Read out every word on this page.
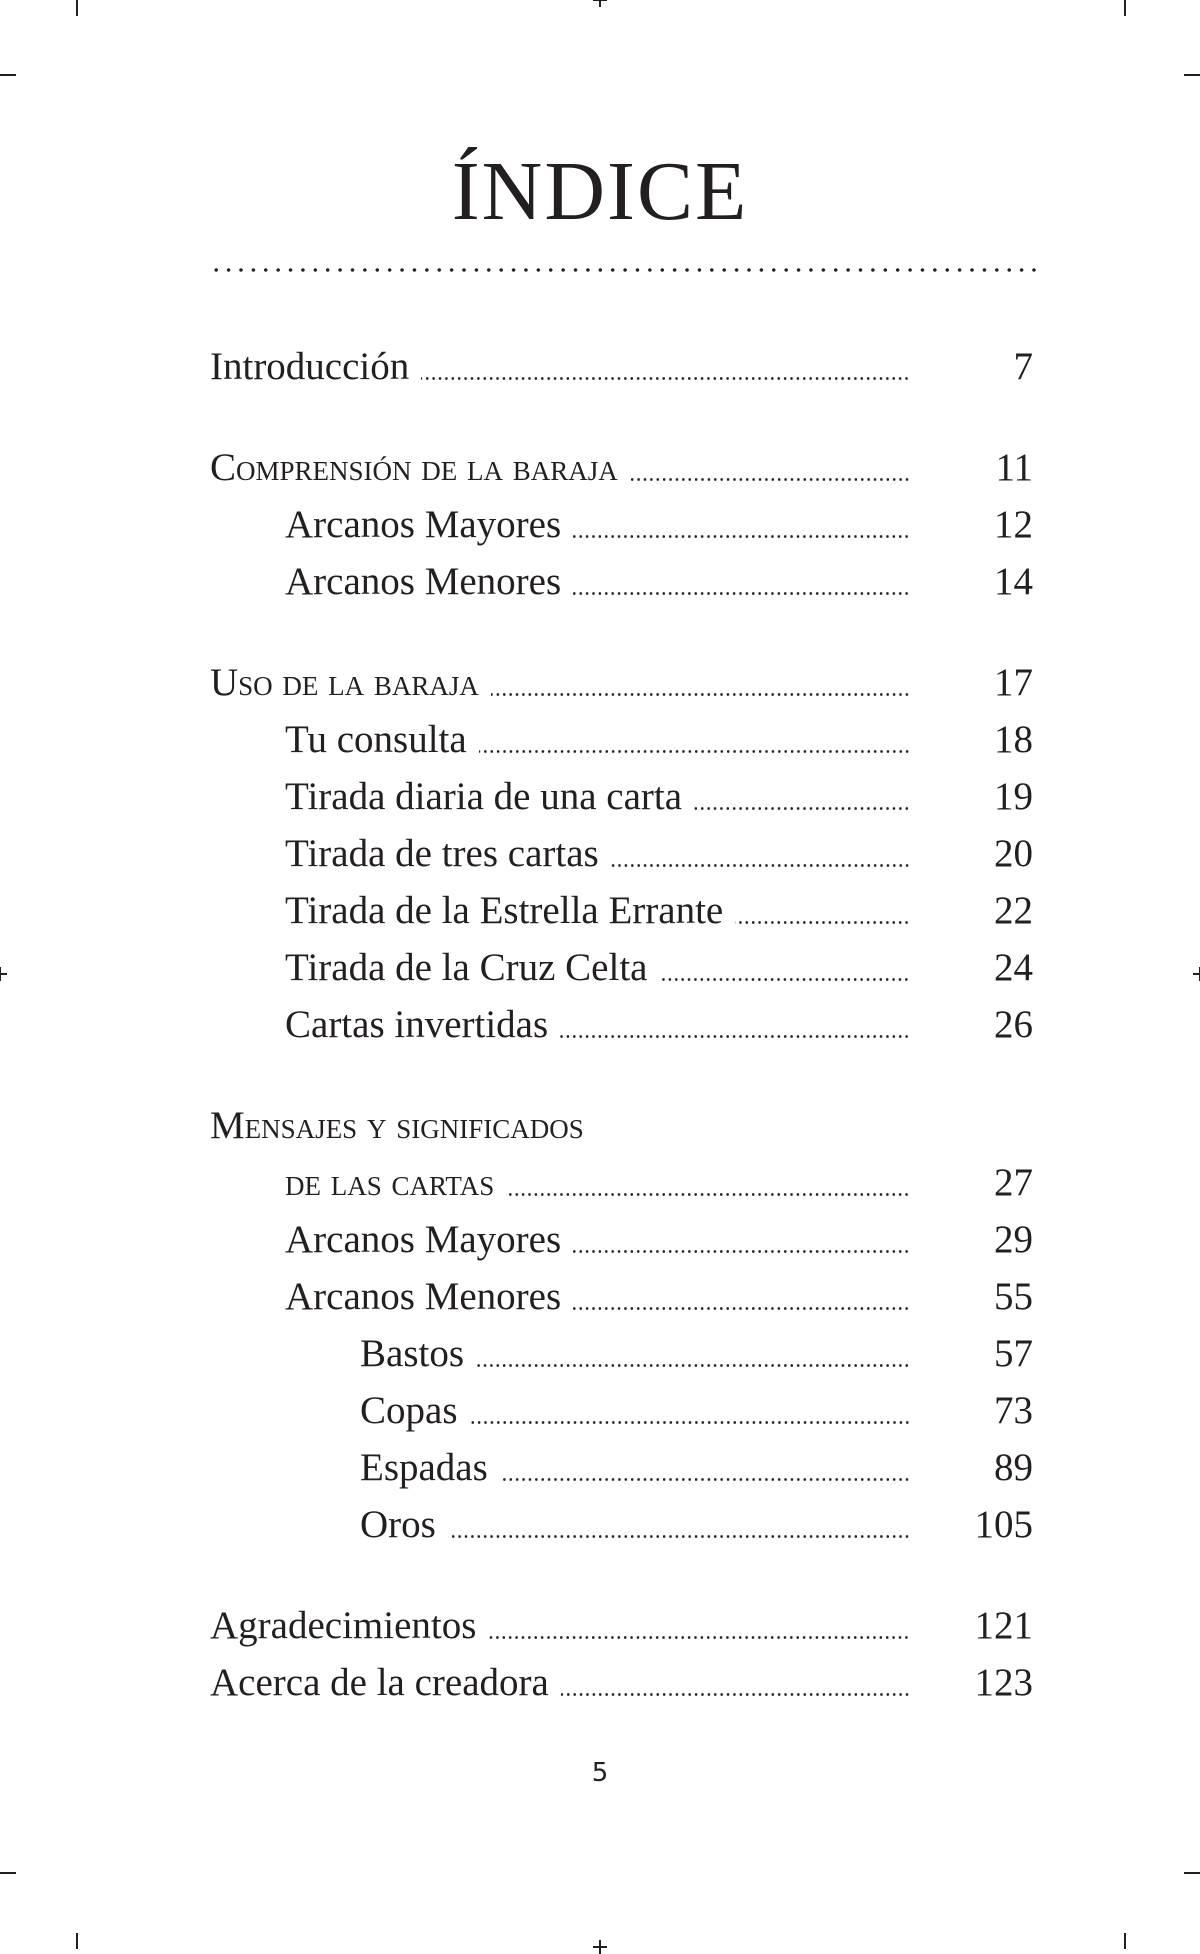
ÍNDICE
Introducción	7
Comprensión de la baraja	11
Arcanos Mayores	12
Arcanos Menores	14
Uso de la baraja	17
Tu consulta	18
Tirada diaria de una carta	19
Tirada de tres cartas	20
Tirada de la Estrella Errante	22
Tirada de la Cruz Celta	24
Cartas invertidas	26
Mensajes y significados
de las cartas	27
Arcanos Mayores	29
Arcanos Menores	55
Bastos	57
Copas	73
Espadas	89
Oros	105
Agradecimientos	121
Acerca de la creadora	123
5
